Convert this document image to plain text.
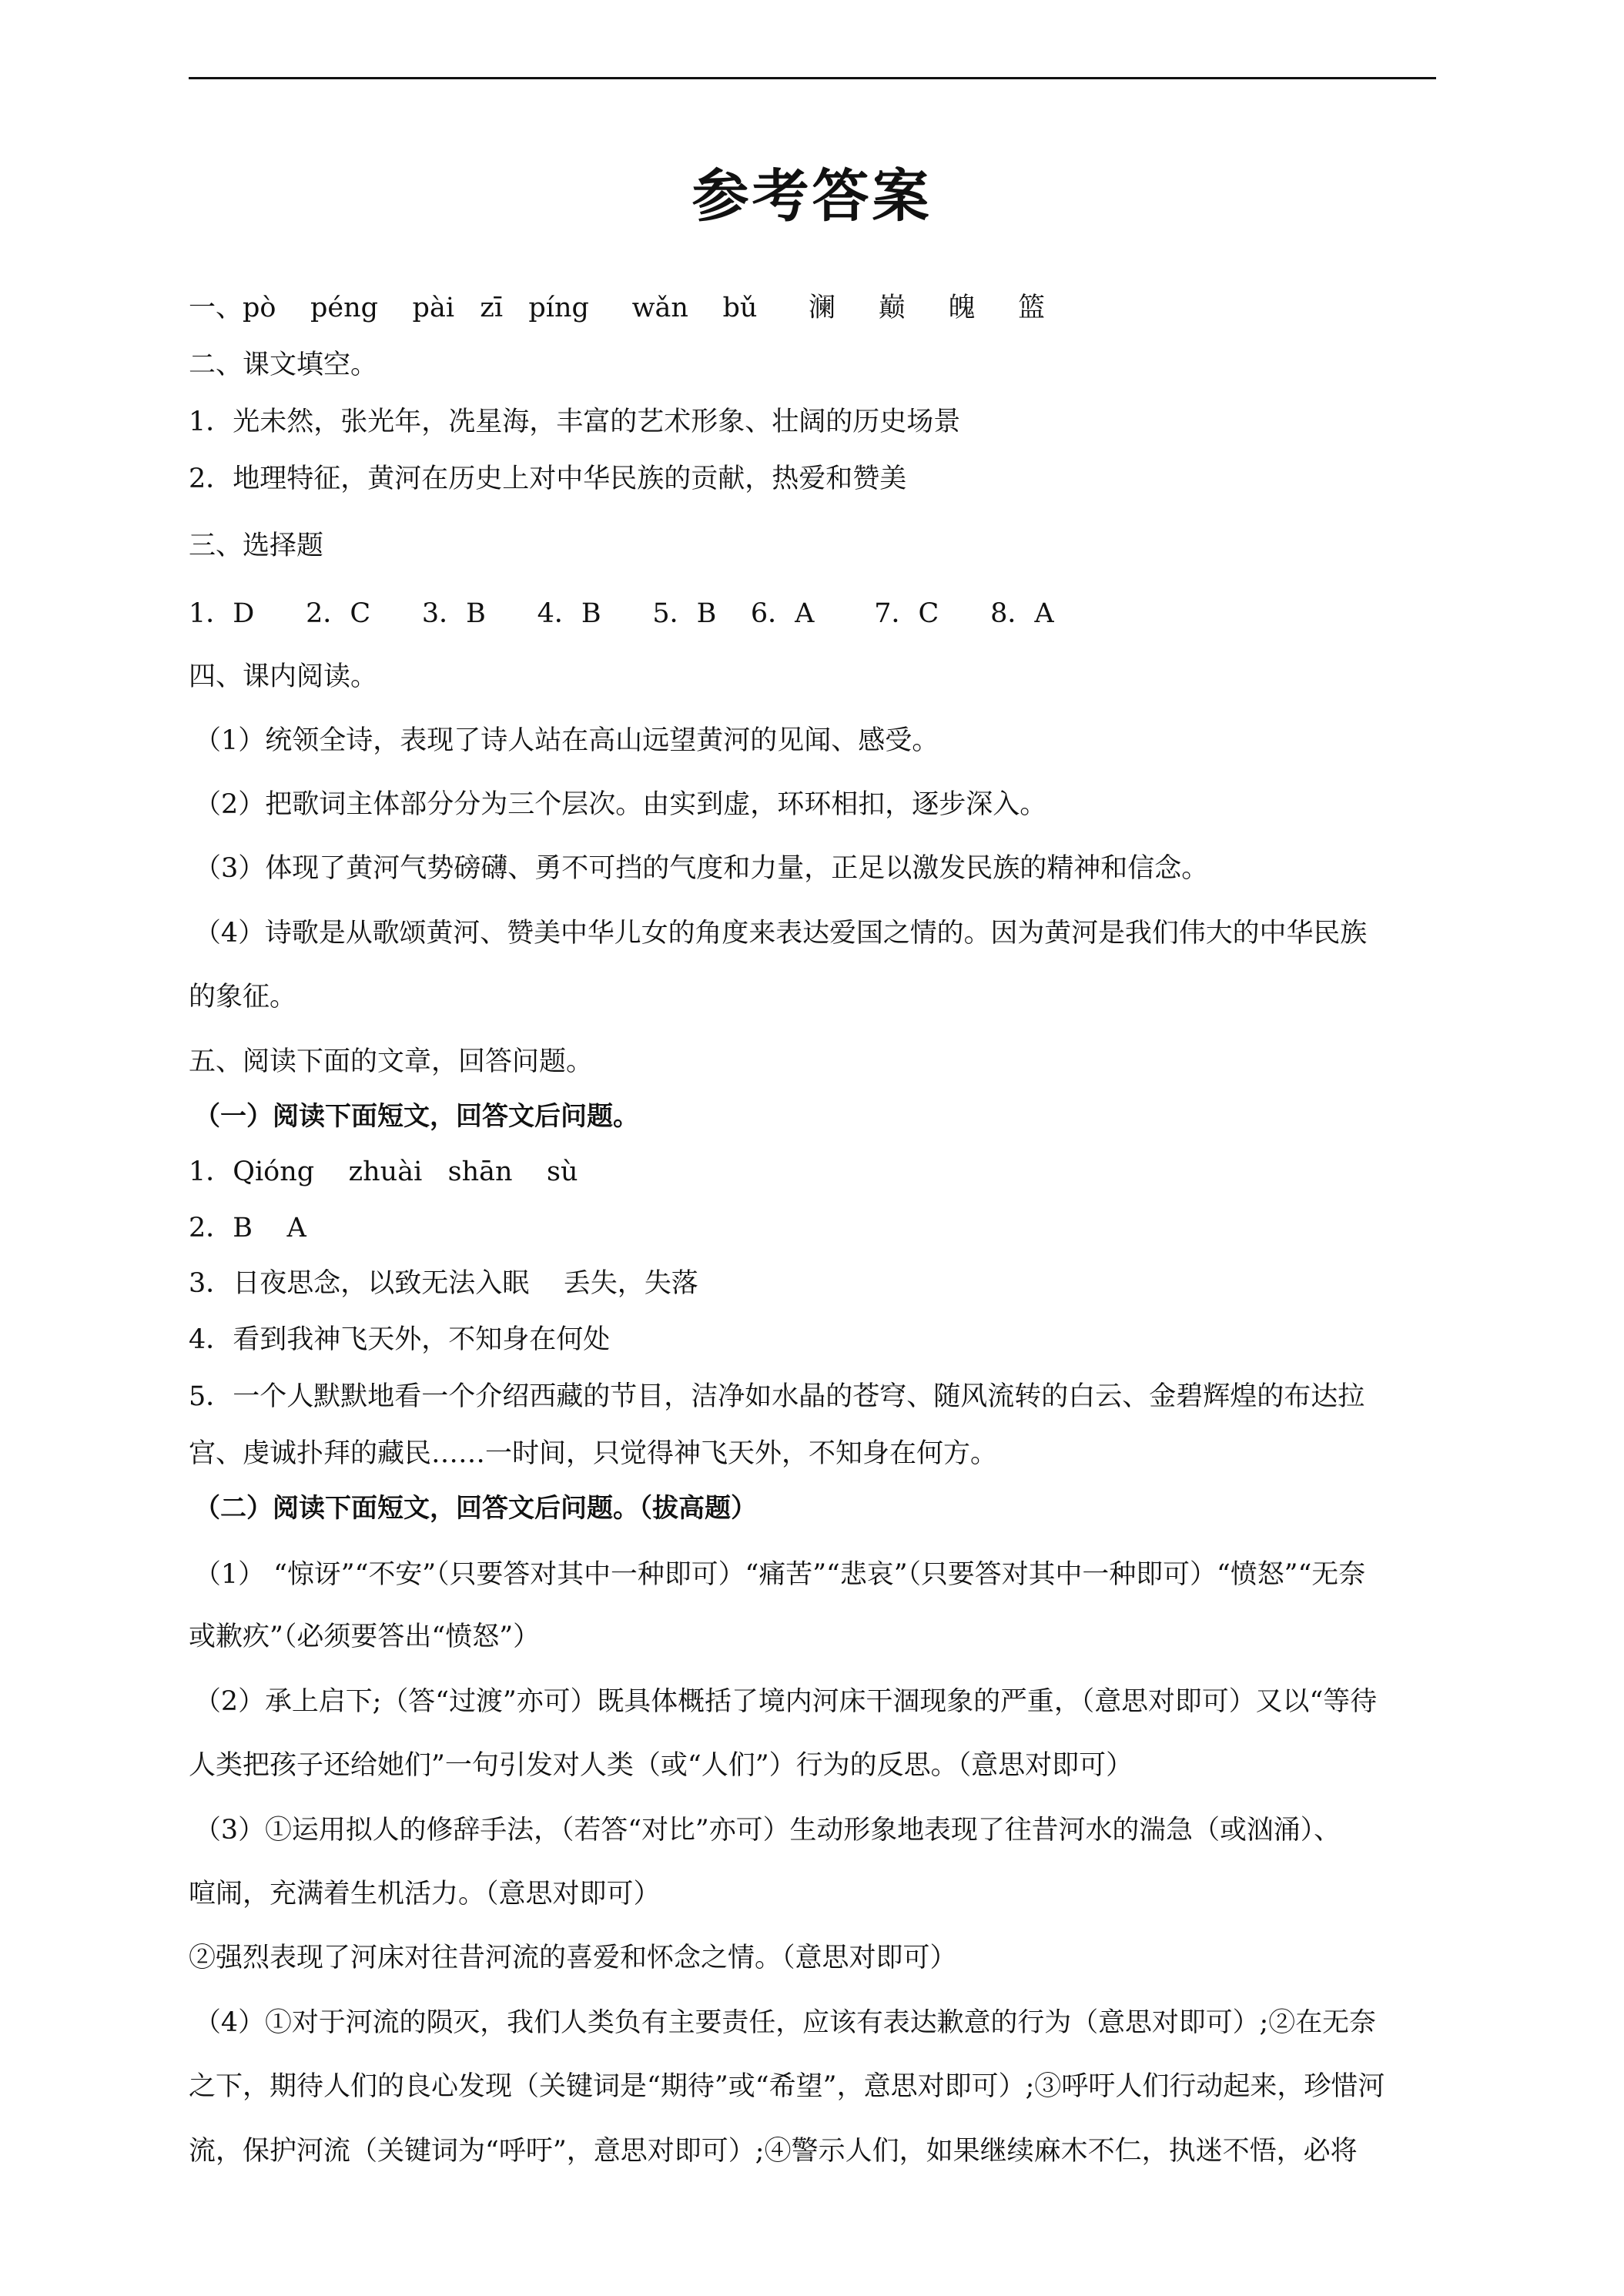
参考答案
一、pò    péng    pài   zī   píng     wǎn    bǔ      澜     巅     魄     篮
二、课文填空。
1．光未然，张光年，冼星海，丰富的艺术形象、壮阔的历史场景
2．地理特征，黄河在历史上对中华民族的贡献，热爱和赞美
三、选择题
1．D      2．C      3．B      4．B      5．B    6．A       7．C      8．A
四、课内阅读。
（1）统领全诗，表现了诗人站在高山远望黄河的见闻、感受。
（2）把歌词主体部分分为三个层次。由实到虚，环环相扣，逐步深入。
（3）体现了黄河气势磅礴、勇不可挡的气度和力量，正足以激发民族的精神和信念。
（4）诗歌是从歌颂黄河、赞美中华儿女的角度来表达爱国之情的。因为黄河是我们伟大的中华民族
的象征。
五、阅读下面的文章，回答问题。
（一）阅读下面短文，回答文后问题。
1．Qióng    zhuài   shān    sù
2．B    A
3．日夜思念，以致无法入眠    丢失，失落
4．看到我神飞天外，不知身在何处
5．一个人默默地看一个介绍西藏的节目，洁净如水晶的苍穹、随风流转的白云、金碧辉煌的布达拉
宫、虔诚扑拜的藏民……一时间，只觉得神飞天外，不知身在何方。
（二）阅读下面短文，回答文后问题。（拔高题）
（1） “惊讶”“不安”（只要答对其中一种即可）“痛苦”“悲哀”（只要答对其中一种即可）“愤怒”“无奈
或歉疚”（必须要答出“愤怒”）
（2）承上启下;（答“过渡”亦可）既具体概括了境内河床干涸现象的严重，（意思对即可）又以“等待
人类把孩子还给她们”一句引发对人类（或“人们”）行为的反思。（意思对即可）
（3）①运用拟人的修辞手法，（若答“对比”亦可）生动形象地表现了往昔河水的湍急（或汹涌）、
喧闹，充满着生机活力。（意思对即可）
②强烈表现了河床对往昔河流的喜爱和怀念之情。（意思对即可）
（4）①对于河流的陨灭，我们人类负有主要责任，应该有表达歉意的行为（意思对即可）;②在无奈
之下，期待人们的良心发现（关键词是“期待”或“希望”，意思对即可）;③呼吁人们行动起来，珍惜河
流，保护河流（关键词为“呼吁”，意思对即可）;④警示人们，如果继续麻木不仁，执迷不悟，必将
